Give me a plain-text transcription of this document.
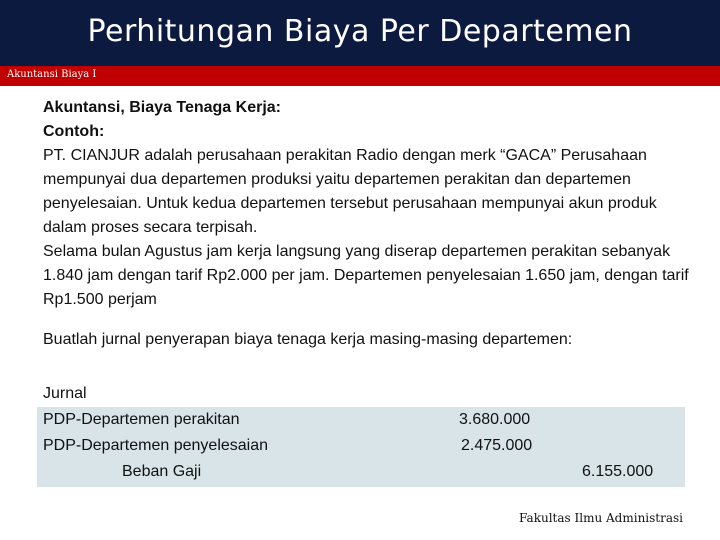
Perhitungan Biaya Per Departemen
Akuntansi Biaya I

Akuntansi, Biaya Tenaga Kerja:

Contoh:

PT. CIANJUR adalah perusahaan perakitan Radio dengan merk “GACA” Perusahaan mempunyai dua departemen produksi yaitu departemen perakitan dan departemen penyelesaian. Untuk kedua departemen tersebut perusahaan mempunyai akun produk dalam proses secara terpisah.

Selama bulan Agustus jam kerja langsung yang diserap departemen perakitan sebanyak 1.840 jam dengan tarif Rp2.000 per jam. Departemen penyelesaian 1.650 jam, dengan tarif Rp1.500 perjam

Buatlah jurnal penyerapan biaya tenaga kerja masing-masing departemen:
Jurnal
PDP-Departemen perakitan	3.680.000
PDP-Departemen penyelesaian	2.475.000
Beban Gaji	6.155.000
Fakultas Ilmu Administrasi
